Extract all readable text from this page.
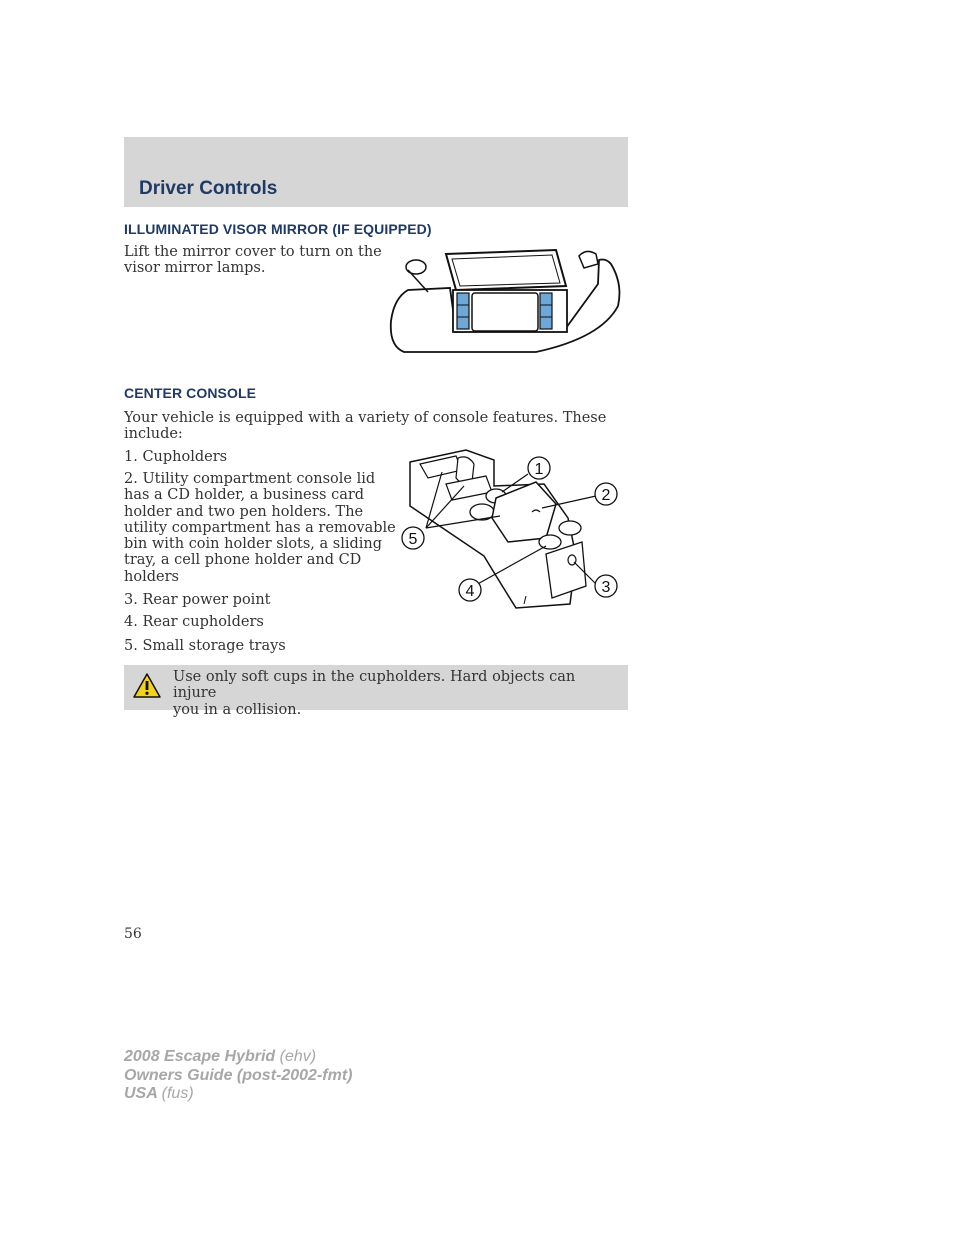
Driver Controls
ILLUMINATED VISOR MIRROR (IF EQUIPPED)
Lift the mirror cover to turn on the
visor mirror lamps.
CENTER CONSOLE
Your vehicle is equipped with a variety of console features. These
include:
1. Cupholders
2. Utility compartment console lid
has a CD holder, a business card
holder and two pen holders. The
utility compartment has a removable
bin with coin holder slots, a sliding
tray, a cell phone holder and CD
holders
3. Rear power point
4. Rear cupholders
5. Small storage trays
1
2
3
4
5
Use only soft cups in the cupholders. Hard objects can injure
you in a collision.
56
2008 Escape Hybrid (ehv)
Owners Guide (post-2002-fmt)
USA (fus)
